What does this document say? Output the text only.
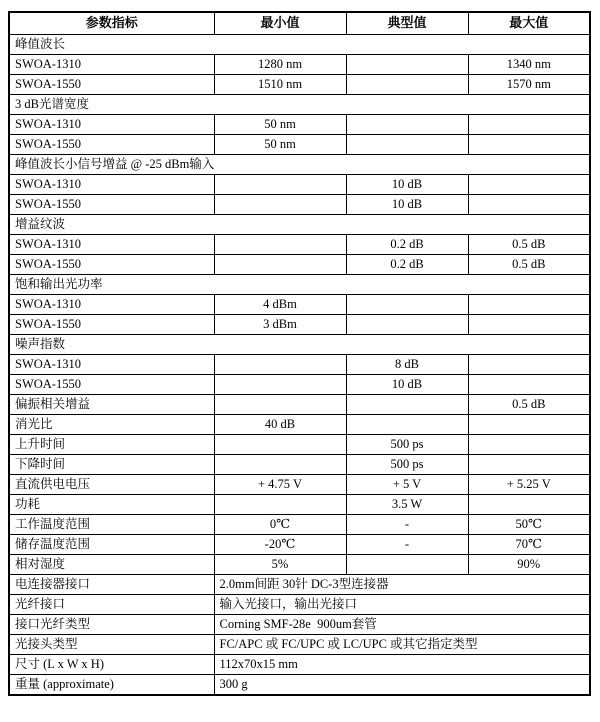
参数指标	最小值	典型值	最大值
峰值波长			
SWOA-1310	1280 nm		1340 nm
SWOA-1550	1510 nm		1570 nm
3 dB光谱宽度			
SWOA-1310	50 nm		
SWOA-1550	50 nm		
峰值波长小信号增益 @ -25 dBm输入			
SWOA-1310		10 dB	
SWOA-1550		10 dB	
增益纹波			
SWOA-1310		0.2 dB	0.5 dB
SWOA-1550		0.2 dB	0.5 dB
饱和输出光功率			
SWOA-1310	4 dBm		
SWOA-1550	3 dBm		
噪声指数			
SWOA-1310		8 dB	
SWOA-1550		10 dB	
偏振相关增益			0.5 dB
消光比	40 dB		
上升时间		500 ps	
下降时间		500 ps	
直流供电电压	+ 4.75 V	+ 5 V	+ 5.25 V
功耗		3.5 W	
工作温度范围	0℃	-	50℃
储存温度范围	-20℃	-	70℃
相对湿度	5%		90%
电连接器接口	2.0mm间距 30针 DC-3型连接器		
光纤接口	输入光接口，输出光接口		
接口光纤类型	Corning SMF-28e  900um套管		
光接头类型	FC/APC 或 FC/UPC 或 LC/UPC 或其它指定类型		
尺寸 (L x W x H)	112x70x15 mm		
重量 (approximate)	300 g		
